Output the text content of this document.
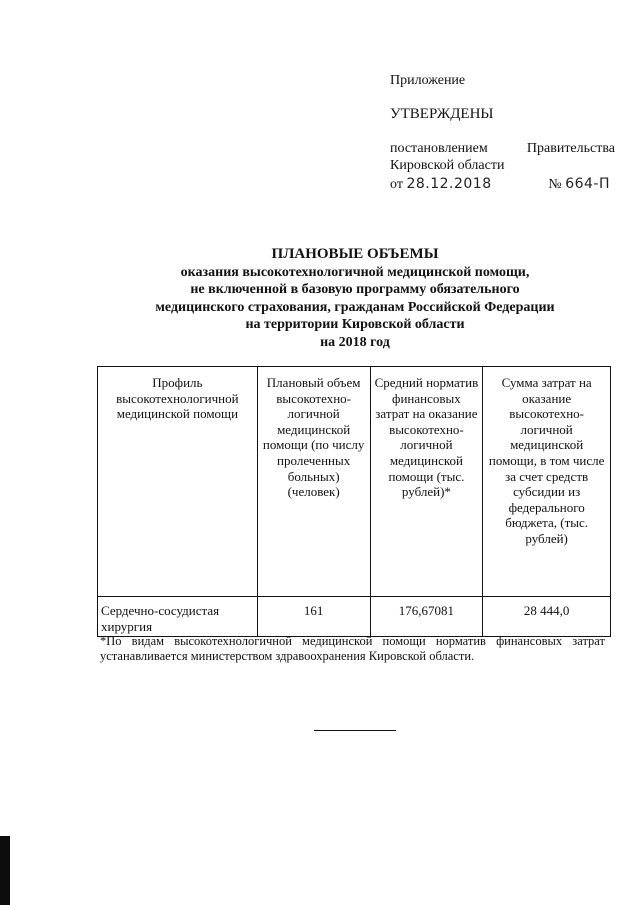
Приложение
УТВЕРЖДЕНЫ
постановлением	Правительства
Кировской области
от 28.12.2018	№ 664-П
ПЛАНОВЫЕ ОБЪЕМЫ
оказания высокотехнологичной медицинской помощи,
не включенной в базовую программу обязательного
медицинского страхования, гражданам Российской Федерации
на территории Кировской области
на 2018 год
Профиль высокотехнологичной медицинской помощи	Плановый объем высокотехно-логичной медицинской помощи (по числу пролеченных больных) (человек)	Средний норматив финансовых затрат на оказание высокотехно-логичной медицинской помощи (тыс. рублей)*	Сумма затрат на оказание высокотехно-логичной медицинской помощи, в том числе за счет средств субсидии из федерального бюджета, (тыс. рублей)
Сердечно-сосудистая хирургия	161	176,67081	28 444,0
*По видам высокотехнологичной медицинской помощи норматив финансовых затрат устанавливается министерством здравоохранения Кировской области.
